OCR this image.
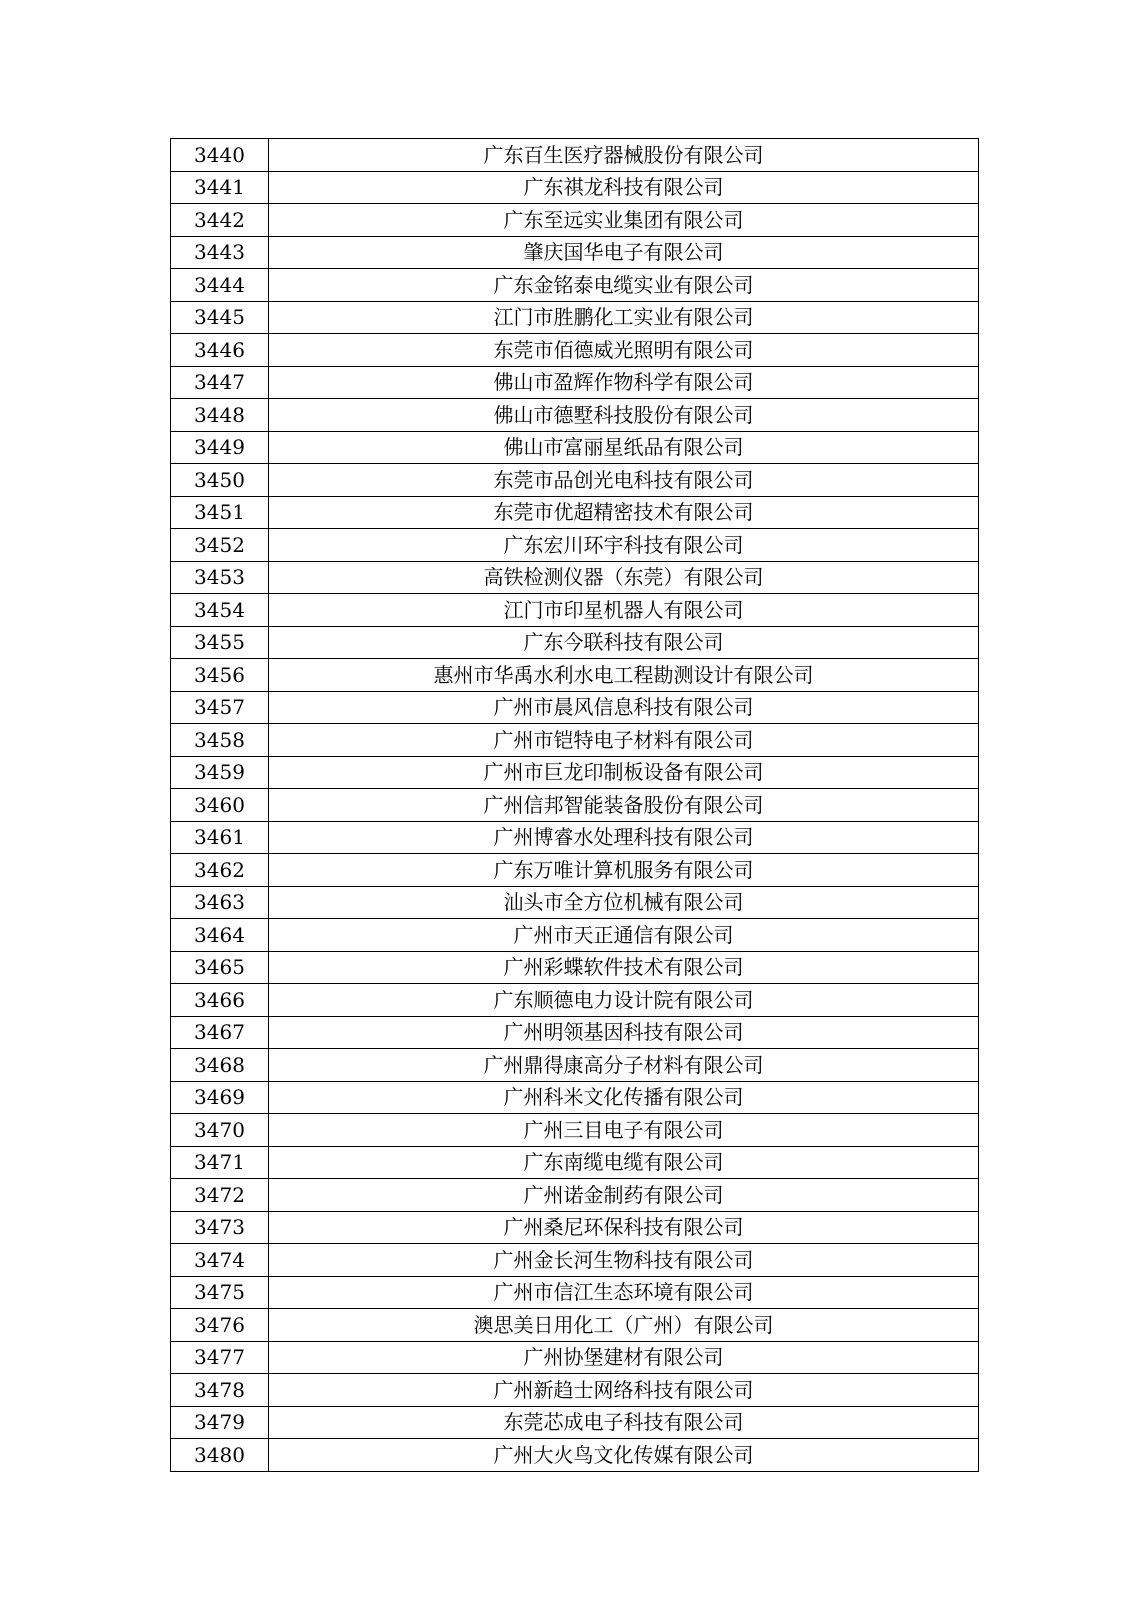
3440	广东百生医疗器械股份有限公司
3441	广东祺龙科技有限公司
3442	广东至远实业集团有限公司
3443	肇庆国华电子有限公司
3444	广东金铭泰电缆实业有限公司
3445	江门市胜鹏化工实业有限公司
3446	东莞市佰德威光照明有限公司
3447	佛山市盈辉作物科学有限公司
3448	佛山市德墅科技股份有限公司
3449	佛山市富丽星纸品有限公司
3450	东莞市品创光电科技有限公司
3451	东莞市优超精密技术有限公司
3452	广东宏川环宇科技有限公司
3453	高铁检测仪器（东莞）有限公司
3454	江门市印星机器人有限公司
3455	广东今联科技有限公司
3456	惠州市华禹水利水电工程勘测设计有限公司
3457	广州市晨风信息科技有限公司
3458	广州市铠特电子材料有限公司
3459	广州市巨龙印制板设备有限公司
3460	广州信邦智能装备股份有限公司
3461	广州博睿水处理科技有限公司
3462	广东万唯计算机服务有限公司
3463	汕头市全方位机械有限公司
3464	广州市天正通信有限公司
3465	广州彩蝶软件技术有限公司
3466	广东顺德电力设计院有限公司
3467	广州明领基因科技有限公司
3468	广州鼎得康高分子材料有限公司
3469	广州科米文化传播有限公司
3470	广州三目电子有限公司
3471	广东南缆电缆有限公司
3472	广州诺金制药有限公司
3473	广州桑尼环保科技有限公司
3474	广州金长河生物科技有限公司
3475	广州市信江生态环境有限公司
3476	澳思美日用化工（广州）有限公司
3477	广州协堡建材有限公司
3478	广州新趋士网络科技有限公司
3479	东莞芯成电子科技有限公司
3480	广州大火鸟文化传媒有限公司
